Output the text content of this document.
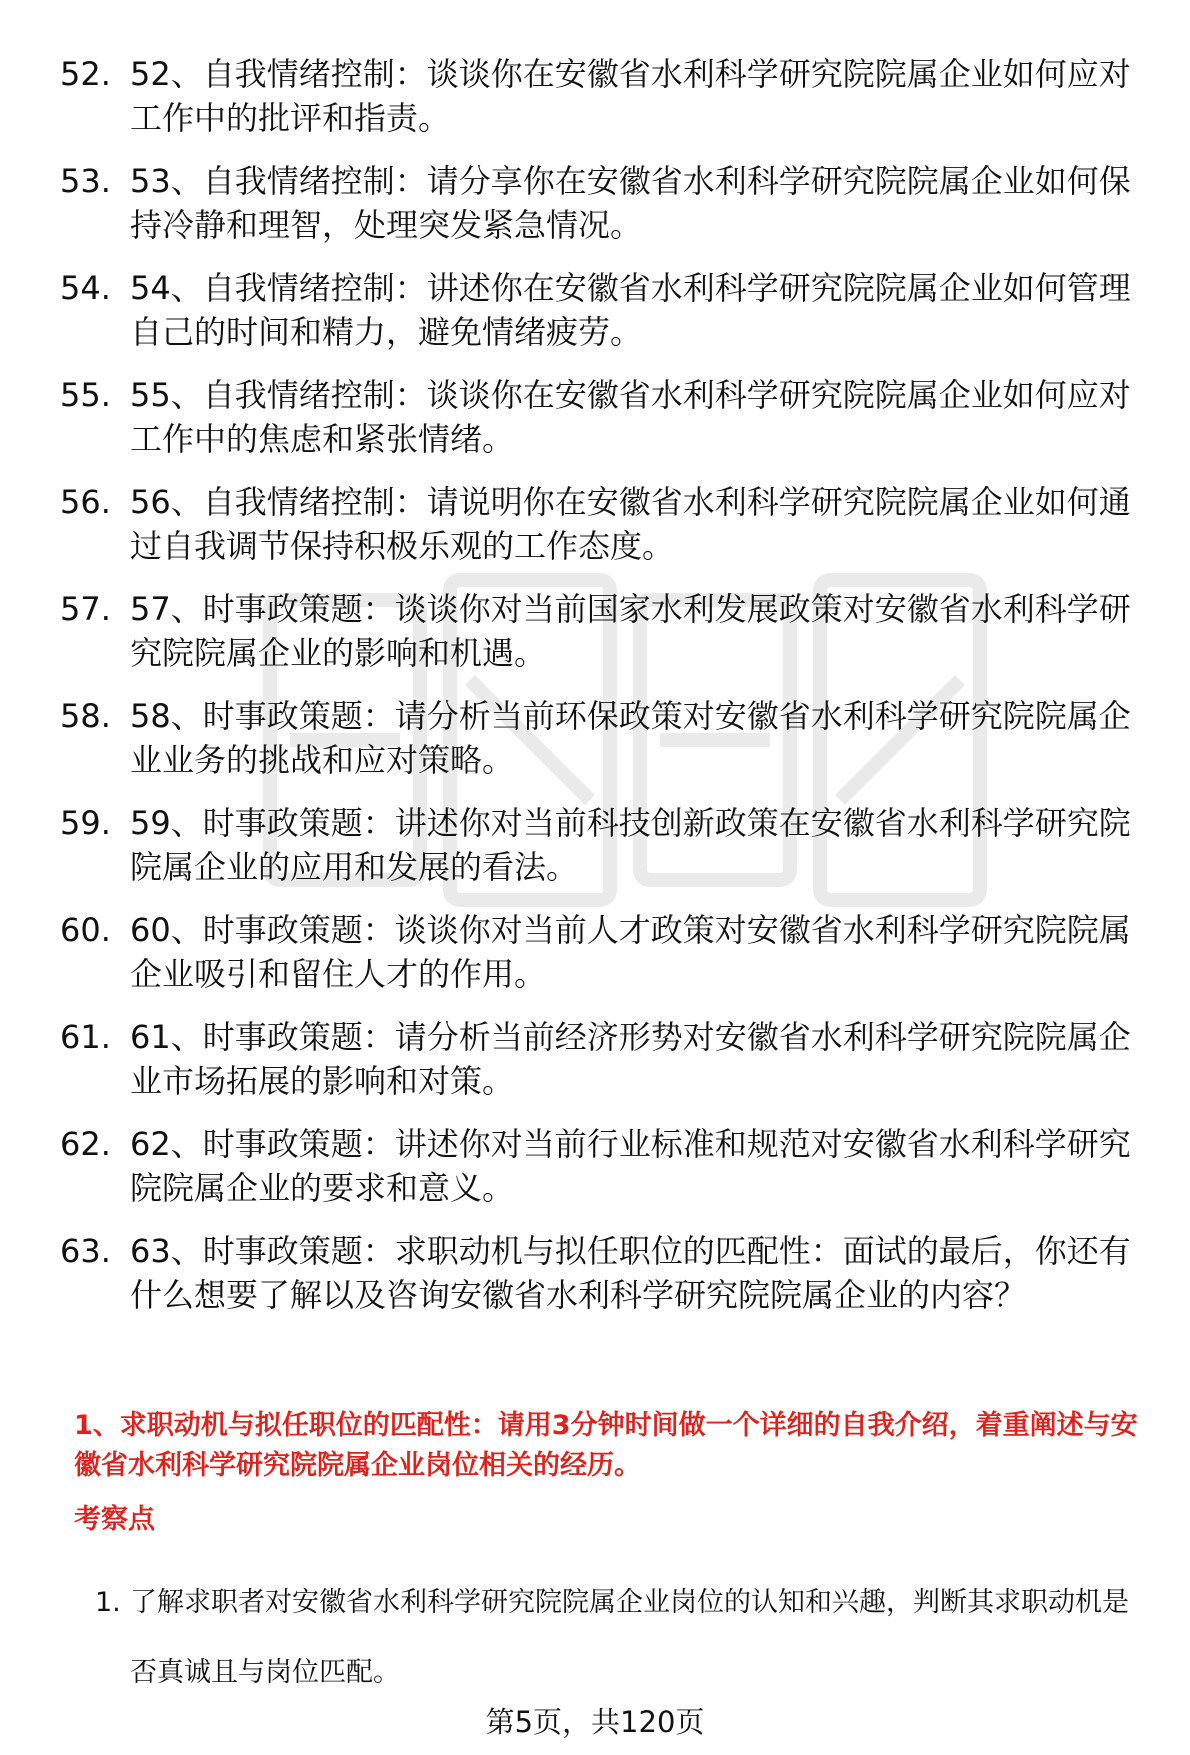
52. 52、自我情绪控制：谈谈你在安徽省水利科学研究院院属企业如何应对工作中的批评和指责。
53. 53、自我情绪控制：请分享你在安徽省水利科学研究院院属企业如何保持冷静和理智，处理突发紧急情况。
54. 54、自我情绪控制：讲述你在安徽省水利科学研究院院属企业如何管理自己的时间和精力，避免情绪疲劳。
55. 55、自我情绪控制：谈谈你在安徽省水利科学研究院院属企业如何应对工作中的焦虑和紧张情绪。
56. 56、自我情绪控制：请说明你在安徽省水利科学研究院院属企业如何通过自我调节保持积极乐观的工作态度。
57. 57、时事政策题：谈谈你对当前国家水利发展政策对安徽省水利科学研究院院属企业的影响和机遇。
58. 58、时事政策题：请分析当前环保政策对安徽省水利科学研究院院属企业业务的挑战和应对策略。
59. 59、时事政策题：讲述你对当前科技创新政策在安徽省水利科学研究院院属企业的应用和发展的看法。
60. 60、时事政策题：谈谈你对当前人才政策对安徽省水利科学研究院院属企业吸引和留住人才的作用。
61. 61、时事政策题：请分析当前经济形势对安徽省水利科学研究院院属企业市场拓展的影响和对策。
62. 62、时事政策题：讲述你对当前行业标准和规范对安徽省水利科学研究院院属企业的要求和意义。
63. 63、时事政策题：求职动机与拟任职位的匹配性：面试的最后，你还有什么想要了解以及咨询安徽省水利科学研究院院属企业的内容？
1、求职动机与拟任职位的匹配性：请用3分钟时间做一个详细的自我介绍，着重阐述与安徽省水利科学研究院院属企业岗位相关的经历。
考察点
1. 了解求职者对安徽省水利科学研究院院属企业岗位的认知和兴趣，判断其求职动机是否真诚且与岗位匹配。
第5页，共120页
